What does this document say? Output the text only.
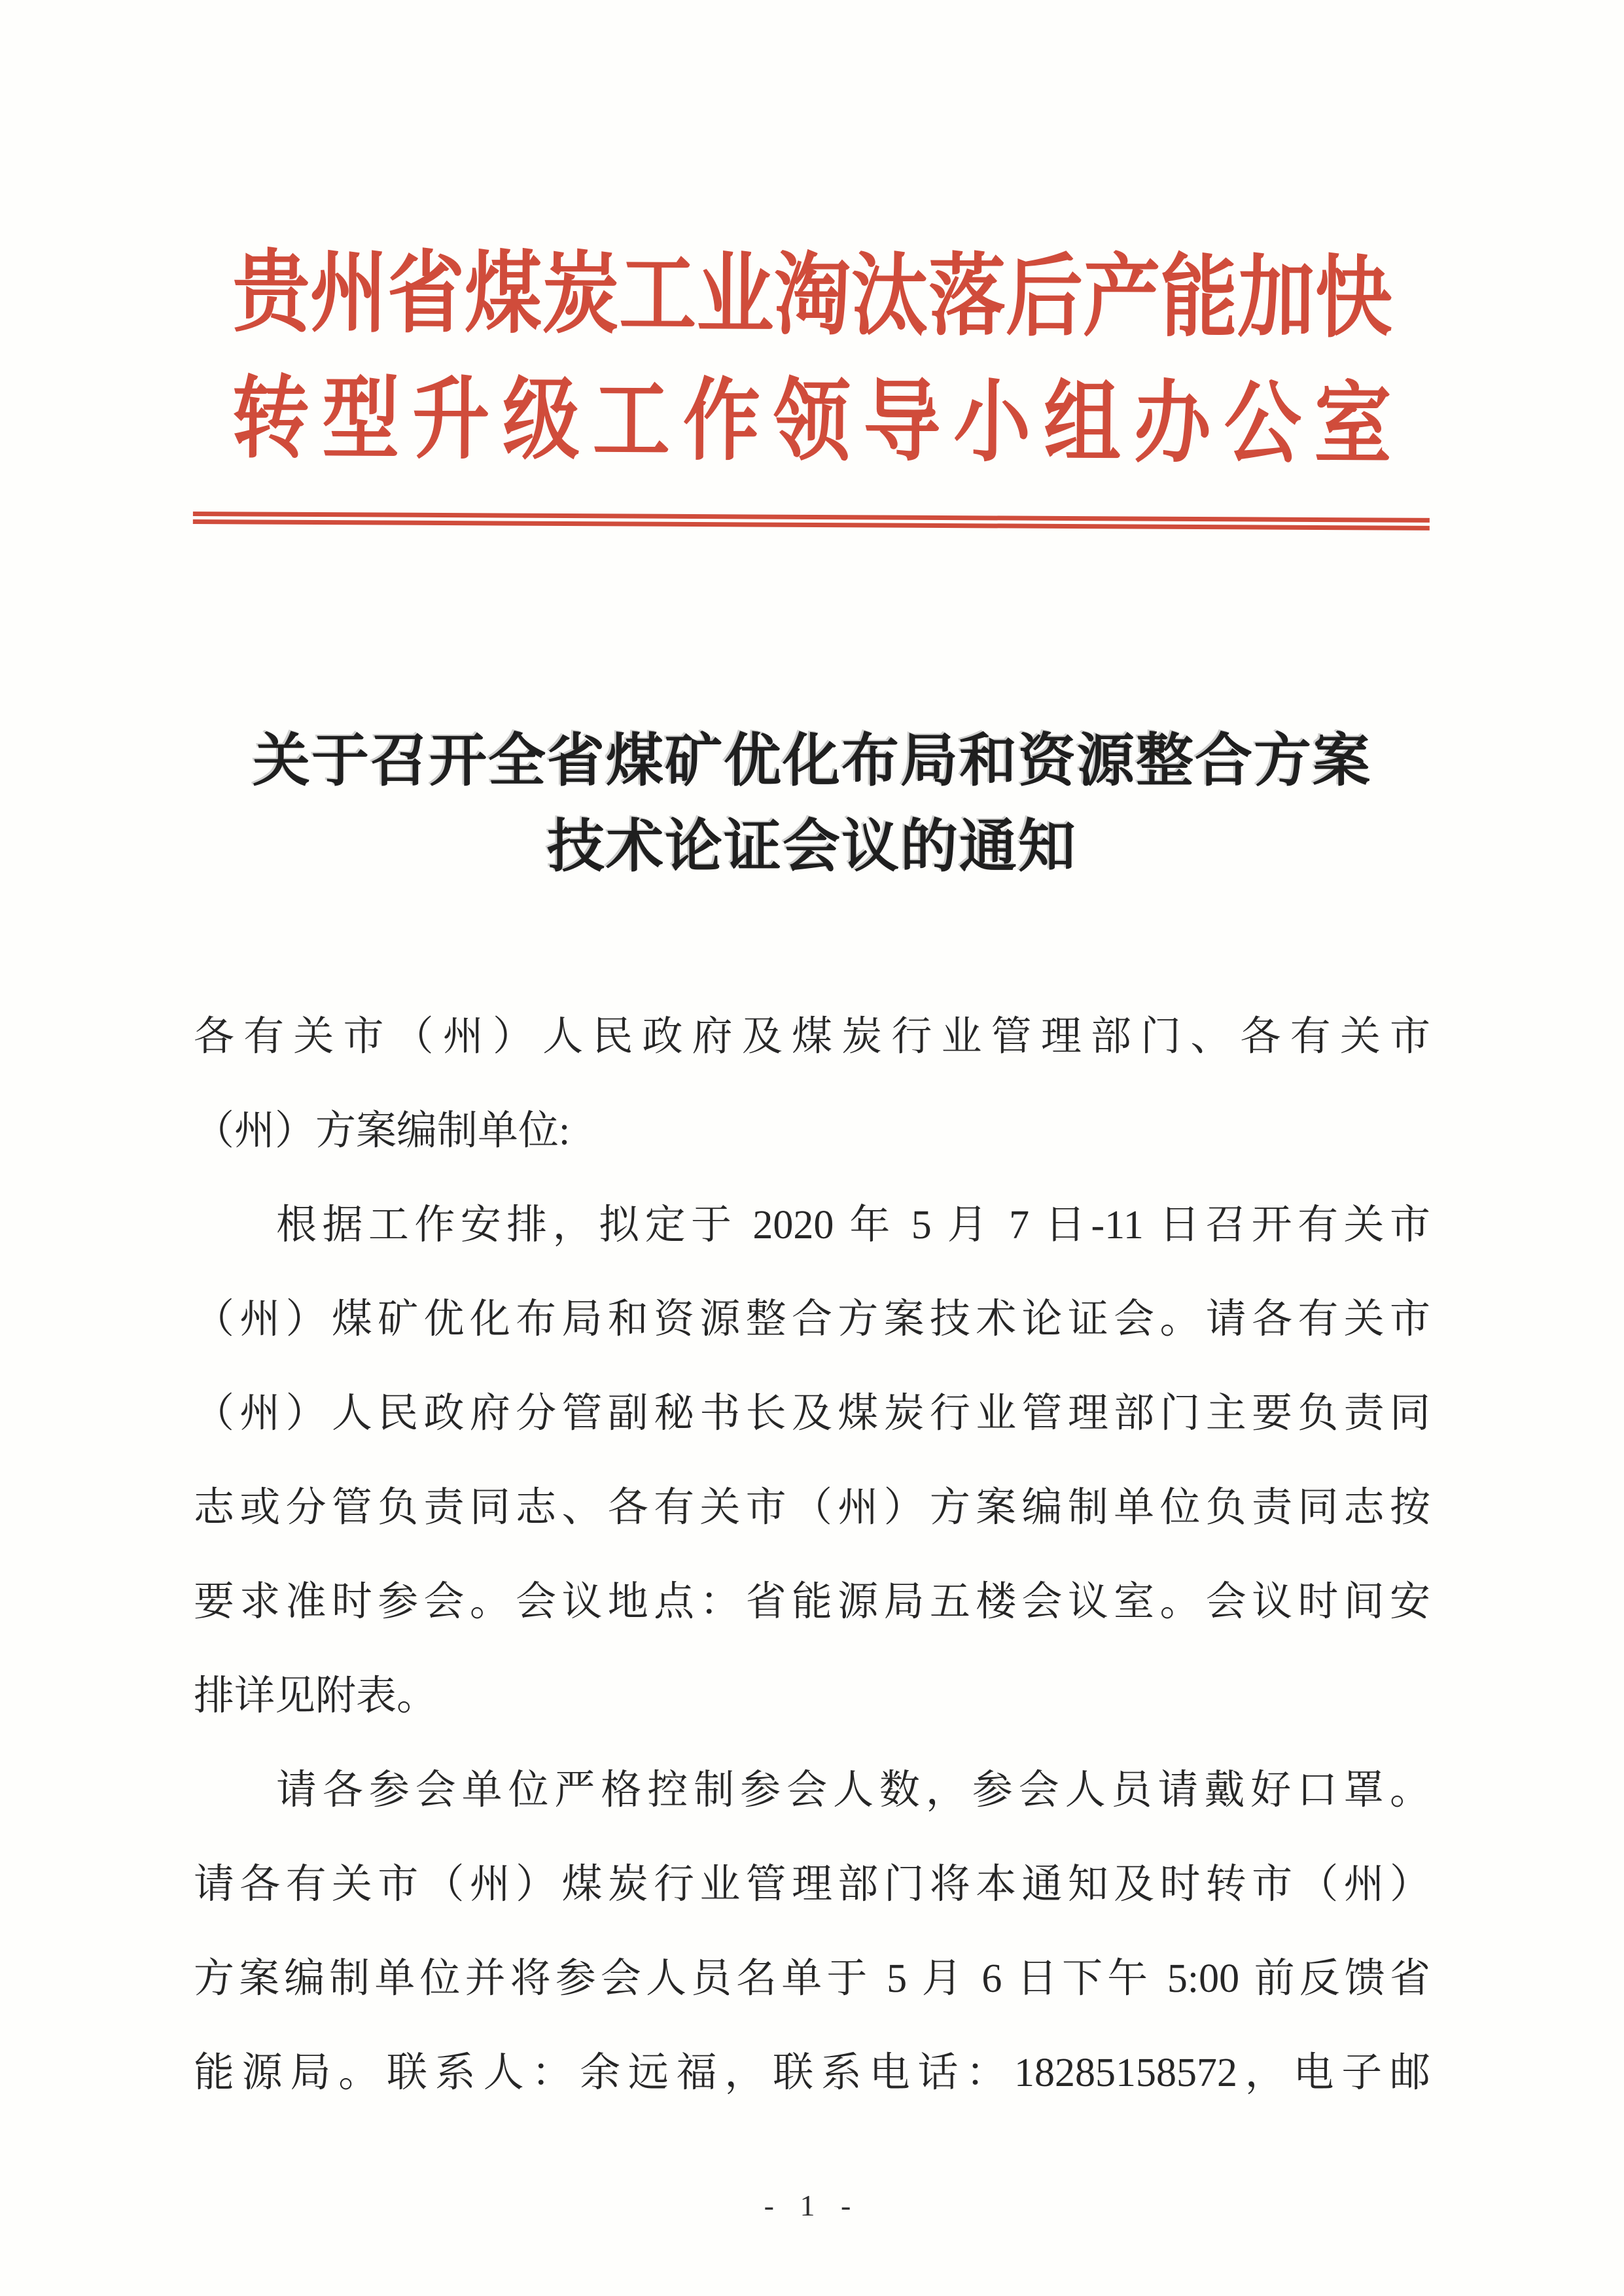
贵州省煤炭工业淘汰落后产能加快
转型升级工作领导小组办公室
关于召开全省煤矿优化布局和资源整合方案
技术论证会议的通知
各有关市（州）人民政府及煤炭行业管理部门、各有关市
（州）方案编制单位:
根据工作安排，拟定于 2020 年 5 月 7 日-11 日召开有关市
（州）煤矿优化布局和资源整合方案技术论证会。请各有关市
（州）人民政府分管副秘书长及煤炭行业管理部门主要负责同
志或分管负责同志、各有关市（州）方案编制单位负责同志按
要求准时参会。会议地点：省能源局五楼会议室。会议时间安
排详见附表。
请各参会单位严格控制参会人数，参会人员请戴好口罩。
请各有关市（州）煤炭行业管理部门将本通知及时转市（州）
方案编制单位并将参会人员名单于 5 月 6 日下午 5:00 前反馈省
能源局。联系人：余远福，联系电话：18285158572，电子邮
- 1 -
